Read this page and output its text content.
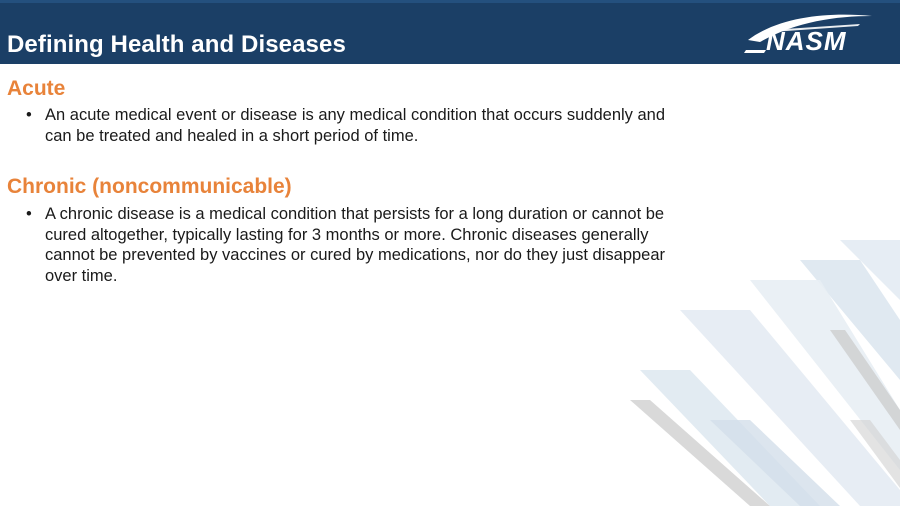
Defining Health and Diseases	NASM
Acute
• An acute medical event or disease is any medical condition that occurs suddenly and can be treated and healed in a short period of time.
Chronic (noncommunicable)
• A chronic disease is a medical condition that persists for a long duration or cannot be cured altogether, typically lasting for 3 months or more. Chronic diseases generally cannot be prevented by vaccines or cured by medications, nor do they just disappear over time.
